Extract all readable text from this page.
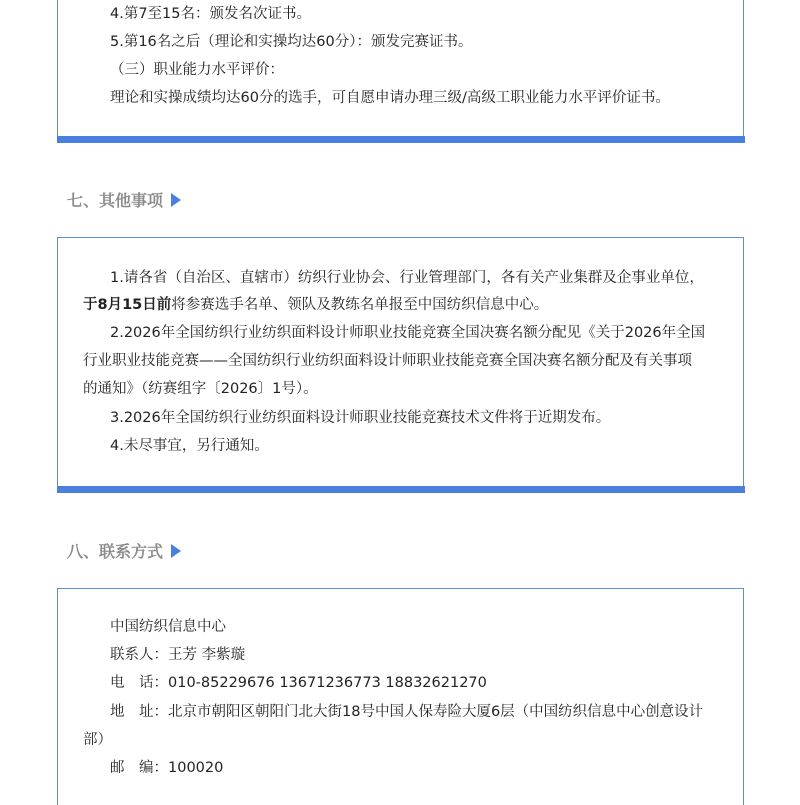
4.第7至15名：颁发名次证书。
5.第16名之后（理论和实操均达60分）：颁发完赛证书。
（三）职业能力水平评价：
理论和实操成绩均达60分的选手，可自愿申请办理三级/高级工职业能力水平评价证书。
七、其他事项
1.请各省（自治区、直辖市）纺织行业协会、行业管理部门，各有关产业集群及企事业单位，
于8月15日前将参赛选手名单、领队及教练名单报至中国纺织信息中心。
2.2026年全国纺织行业纺织面料设计师职业技能竞赛全国决赛名额分配见《关于2026年全国
行业职业技能竞赛——全国纺织行业纺织面料设计师职业技能竞赛全国决赛名额分配及有关事项
的通知》（纺赛组字〔2026〕1号）。
3.2026年全国纺织行业纺织面料设计师职业技能竞赛技术文件将于近期发布。
4.未尽事宜，另行通知。
八、联系方式
中国纺织信息中心
联系人：王芳 李紫璇
电　话：010-85229676 13671236773 18832621270
地　址：北京市朝阳区朝阳门北大街18号中国人保寿险大厦6层（中国纺织信息中心创意设计
部）
邮　编：100020
